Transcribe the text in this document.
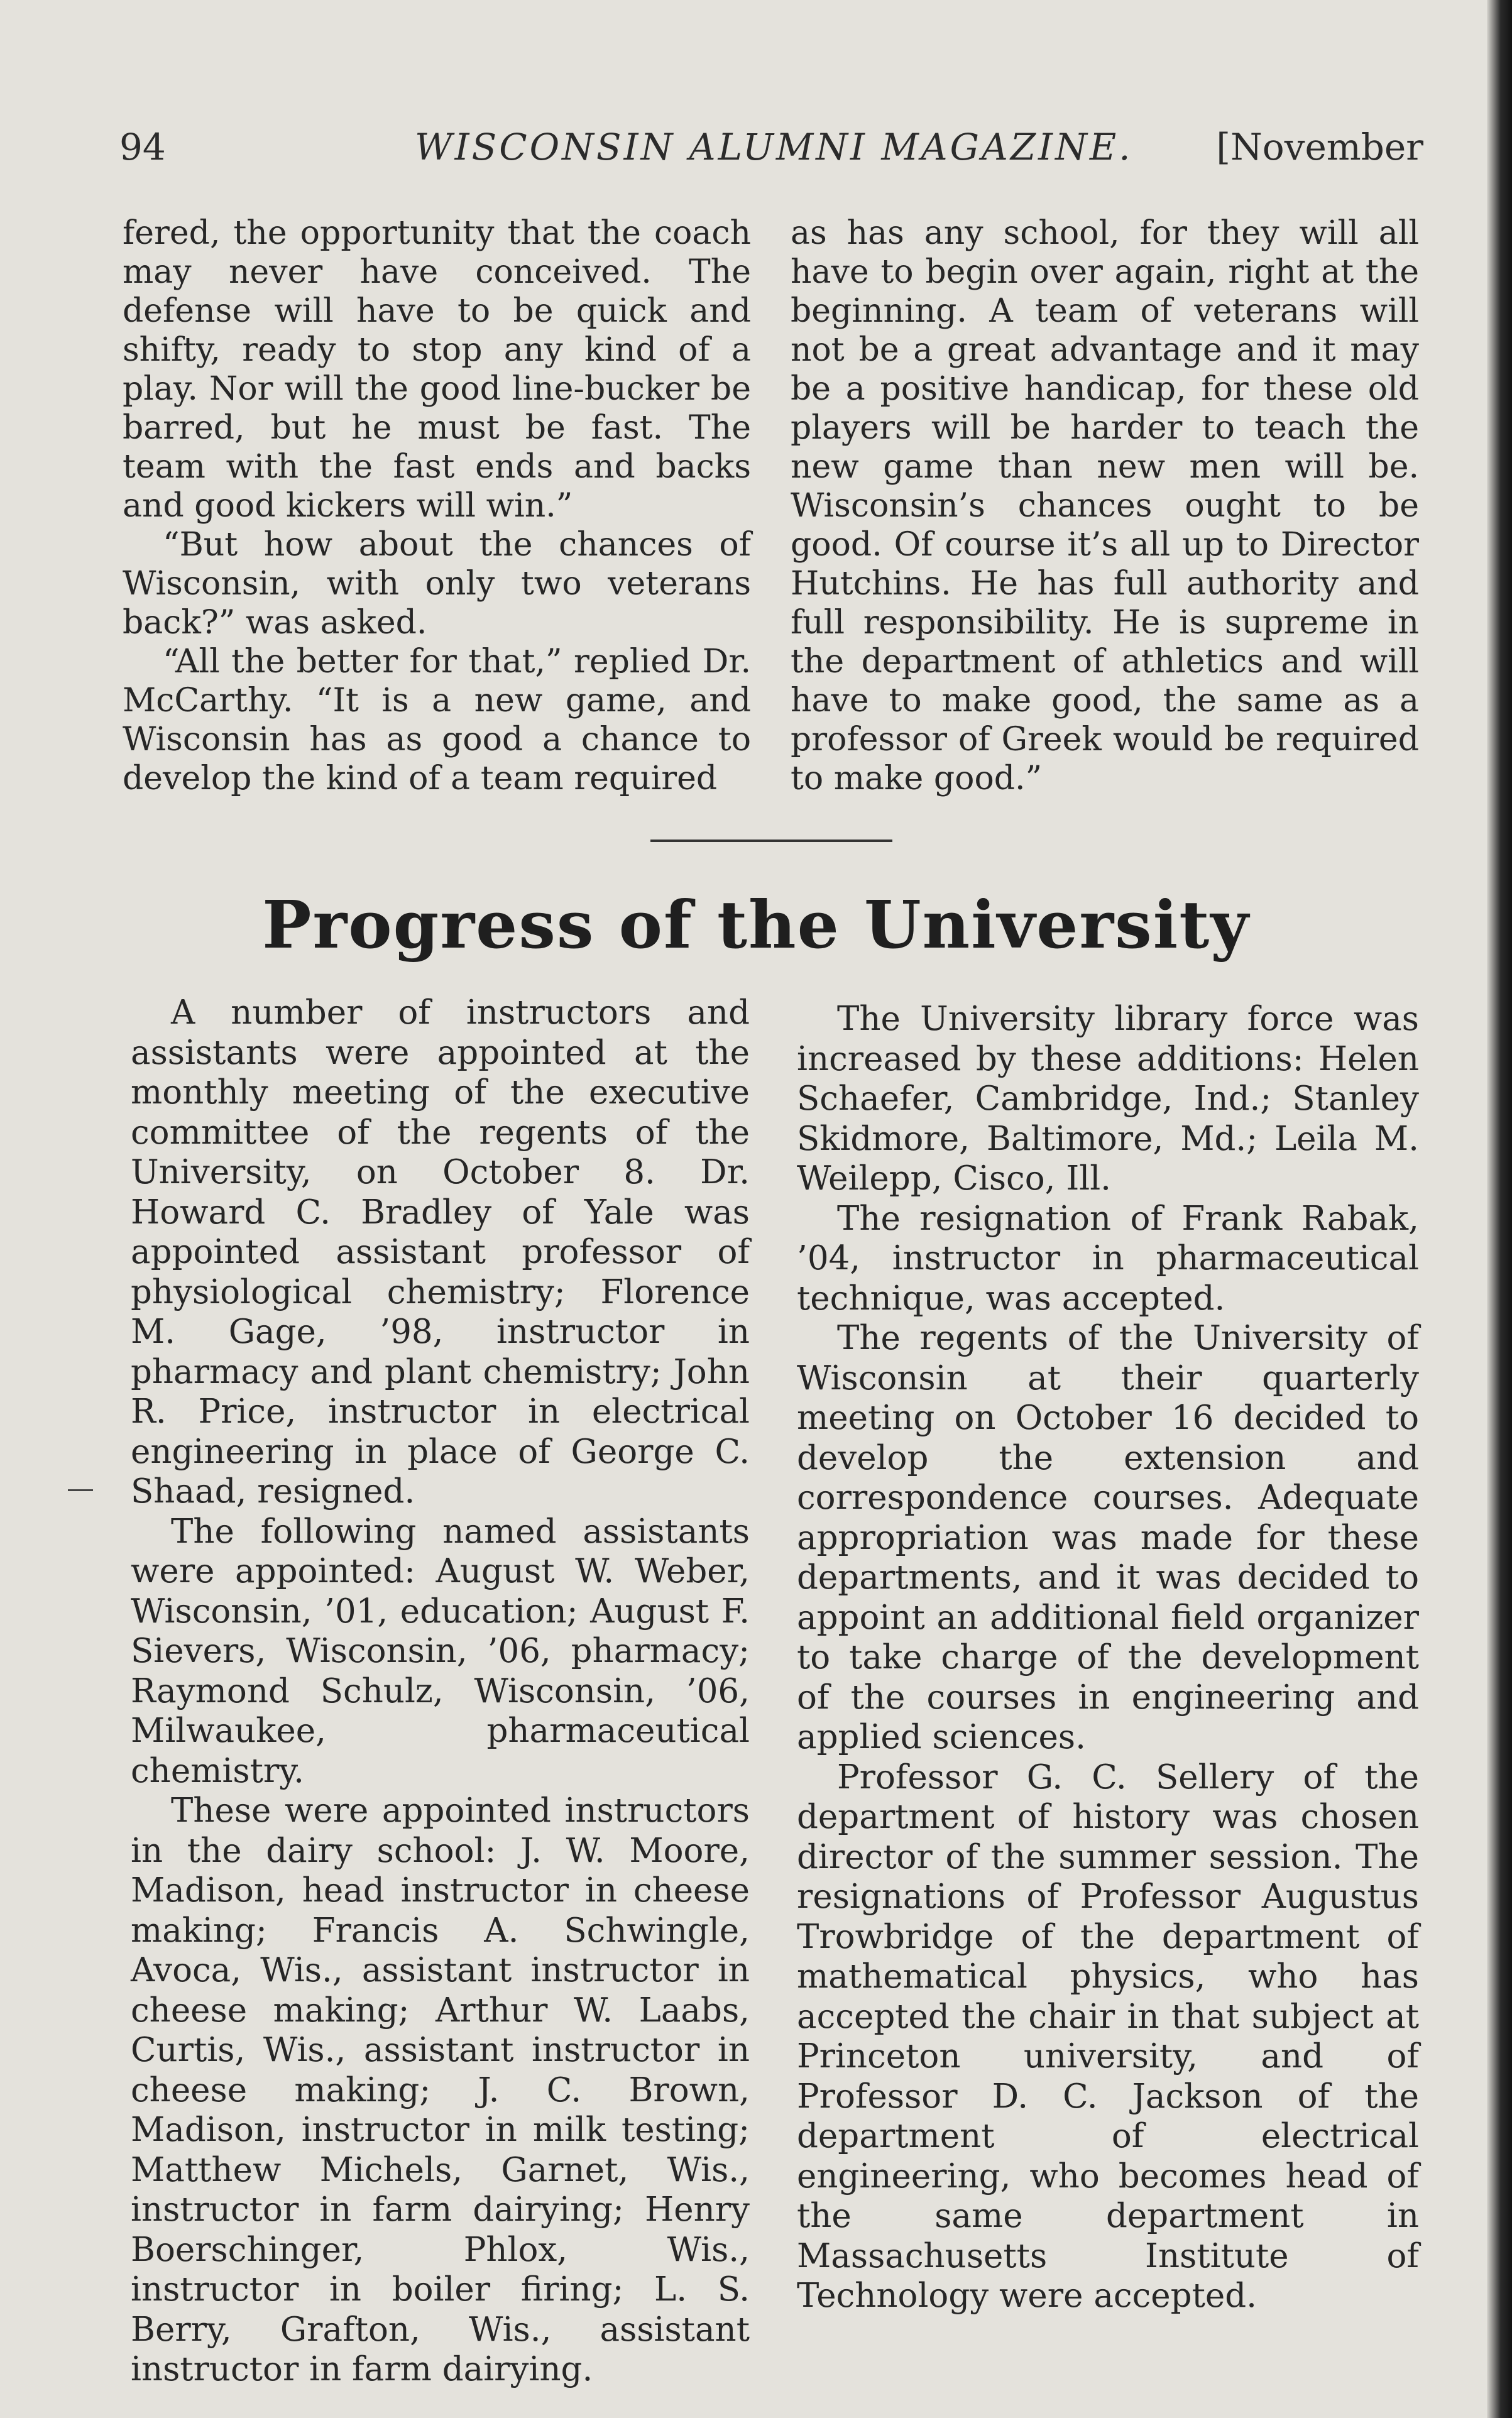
94	WISCONSIN ALUMNI MAGAZINE. [November

fered, the opportunity that the coach may never have conceived. The defense will have to be quick and shifty, ready to stop any kind of a play. Nor will the good line-bucker be barred, but he must be fast. The team with the fast ends and backs and good kickers will win.”

“But how about the chances of Wisconsin, with only two veterans back?” was asked.

“All the better for that,” replied Dr. McCarthy. “It is a new game, and Wisconsin has as good a chance to develop the kind of a team required

as has any school, for they will all have to begin over again, right at the beginning. A team of veterans will not be a great advantage and it may be a positive handicap, for these old players will be harder to teach the new game than new men will be. Wisconsin’s chances ought to be good. Of course it’s all up to Director Hutchins. He has full authority and full responsibility. He is supreme in the department of athletics and will have to make good, the same as a professor of Greek would be required to make good.”

Progress of the University

A number of instructors and assistants were appointed at the monthly meeting of the executive committee of the regents of the University, on October 8. Dr. Howard C. Bradley of Yale was appointed assistant professor of physiological chemistry; Florence M. Gage, ’98, instructor in pharmacy and plant chemistry; John R. Price, instructor in electrical engineering in place of George C. Shaad, resigned.

The following named assistants were appointed: August W. Weber, Wisconsin, ’01, education; August F. Sievers, Wisconsin, ’06, pharmacy; Raymond Schulz, Wisconsin, ’06, Milwaukee, pharmaceutical chemistry.

These were appointed instructors in the dairy school: J. W. Moore, Madison, head instructor in cheese making; Francis A. Schwingle, Avoca, Wis., assistant instructor in cheese making; Arthur W. Laabs, Curtis, Wis., assistant instructor in cheese making; J. C. Brown, Madison, instructor in milk testing; Matthew Michels, Garnet, Wis., instructor in farm dairying; Henry Boerschinger, Phlox, Wis., instructor in boiler firing; L. S. Berry, Grafton, Wis., assistant instructor in farm dairying.

The University library force was increased by these additions: Helen Schaefer, Cambridge, Ind.; Stanley Skidmore, Baltimore, Md.; Leila M. Weilepp, Cisco, Ill.

The resignation of Frank Rabak, ’04, instructor in pharmaceutical technique, was accepted.

The regents of the University of Wisconsin at their quarterly meeting on October 16 decided to develop the extension and correspondence courses. Adequate appropriation was made for these departments, and it was decided to appoint an additional field organizer to take charge of the development of the courses in engineering and applied sciences.

Professor G. C. Sellery of the department of history was chosen director of the summer session. The resignations of Professor Augustus Trowbridge of the department of mathematical physics, who has accepted the chair in that subject at Princeton university, and of Professor D. C. Jackson of the department of electrical engineering, who becomes head of the same department in Massachusetts Institute of Technology were accepted.
